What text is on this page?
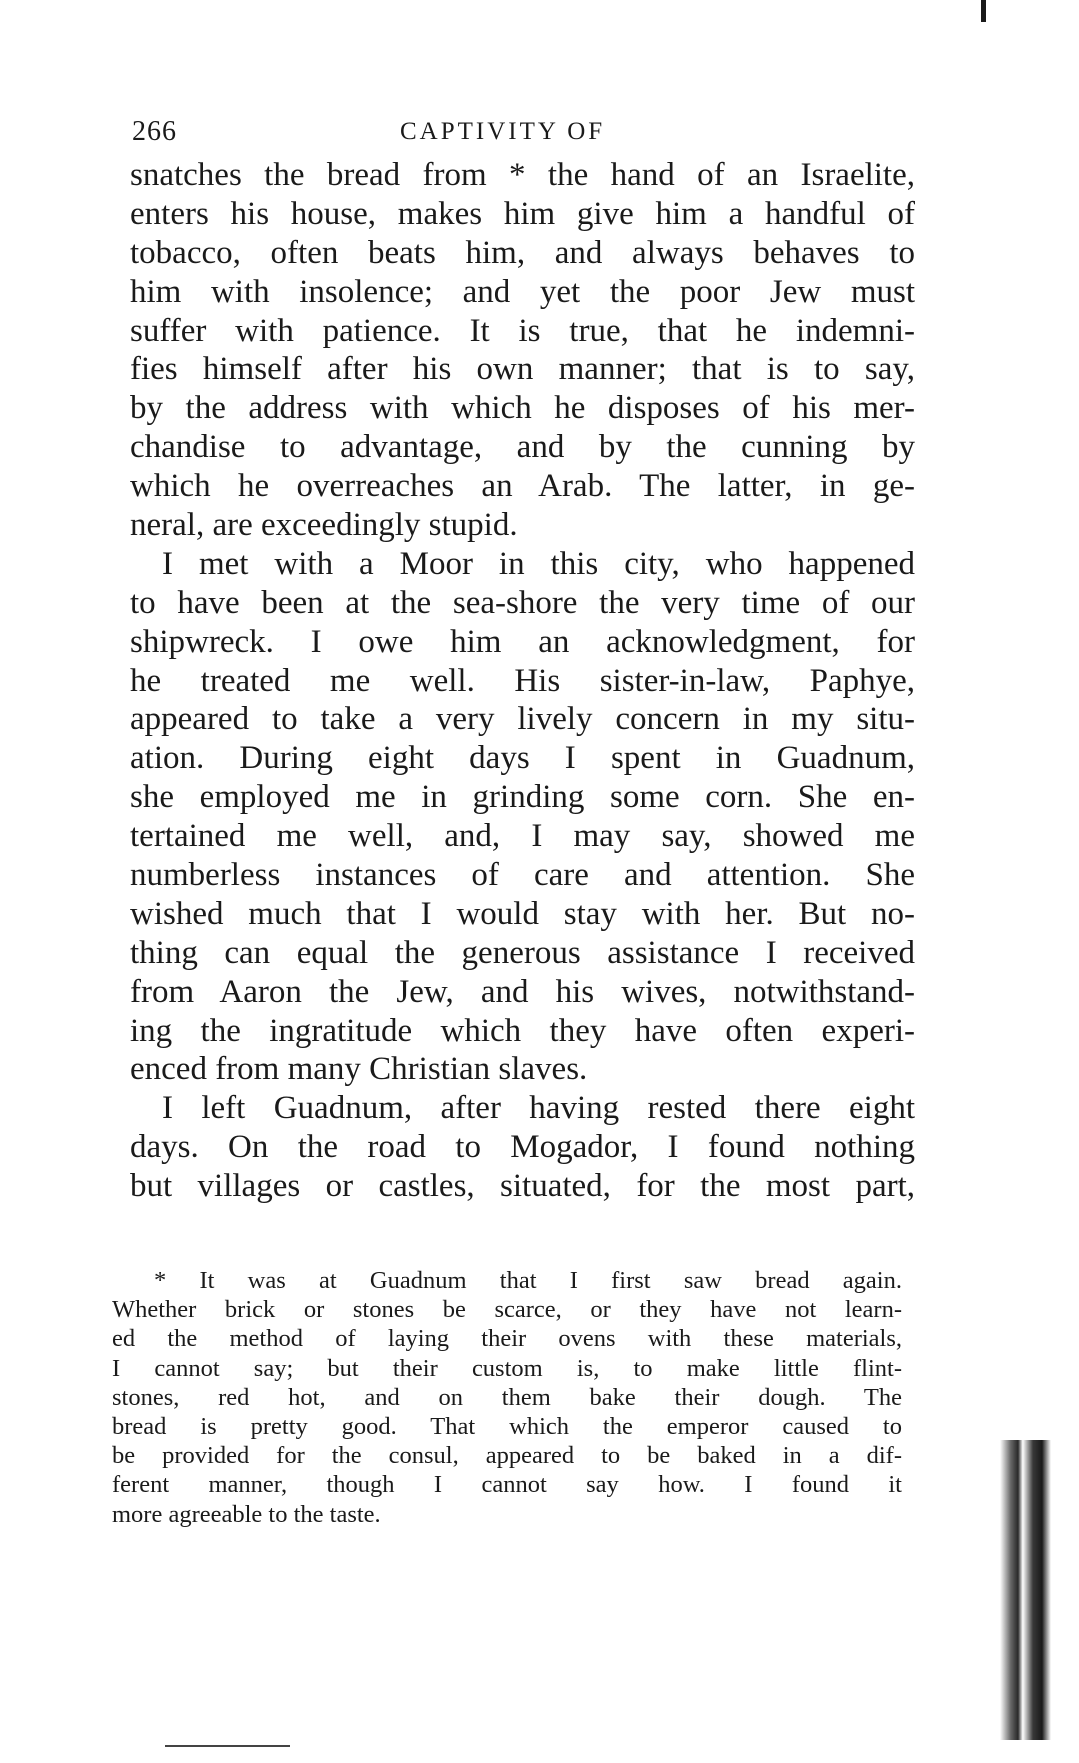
266	CAPTIVITY OF
snatches the bread from * the hand of an Israelite,
enters his house, makes him give him a handful of
tobacco, often beats him, and always behaves to
him with insolence; and yet the poor Jew must
suffer with patience. It is true, that he indemni-
fies himself after his own manner; that is to say,
by the address with which he disposes of his mer-
chandise to advantage, and by the cunning by
which he overreaches an Arab. The latter, in ge-
neral, are exceedingly stupid.
I met with a Moor in this city, who happened
to have been at the sea-shore the very time of our
shipwreck. I owe him an acknowledgment, for
he treated me well. His sister-in-law, Paphye,
appeared to take a very lively concern in my situ-
ation. During eight days I spent in Guadnum,
she employed me in grinding some corn. She en-
tertained me well, and, I may say, showed me
numberless instances of care and attention. She
wished much that I would stay with her. But no-
thing can equal the generous assistance I received
from Aaron the Jew, and his wives, notwithstand-
ing the ingratitude which they have often experi-
enced from many Christian slaves.
I left Guadnum, after having rested there eight
days. On the road to Mogador, I found nothing
but villages or castles, situated, for the most part,
* It was at Guadnum that I first saw bread again.
Whether brick or stones be scarce, or they have not learn-
ed the method of laying their ovens with these materials,
I cannot say; but their custom is, to make little flint-
stones, red hot, and on them bake their dough. The
bread is pretty good. That which the emperor caused to
be provided for the consul, appeared to be baked in a dif-
ferent manner, though I cannot say how. I found it
more agreeable to the taste.
